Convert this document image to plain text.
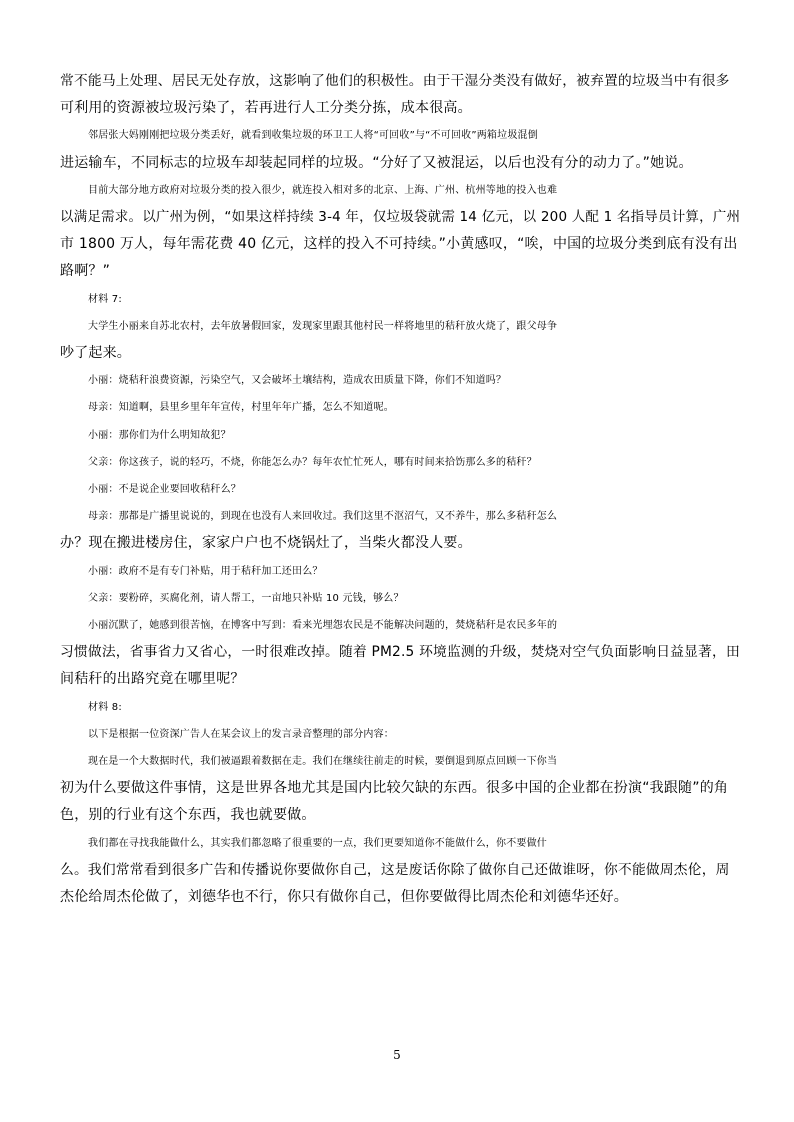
常不能马上处理、居民无处存放，这影响了他们的积极性。由于干湿分类没有做好，被弃置的垃圾当中有很多
可利用的资源被垃圾污染了，若再进行人工分类分拣，成本很高。

邻居张大妈刚刚把垃圾分类丢好，就看到收集垃圾的环卫工人将“可回收”与“不可回收”两箱垃圾混倒
进运输车，不同标志的垃圾车却装起同样的垃圾。“分好了又被混运，以后也没有分的动力了。”她说。

目前大部分地方政府对垃圾分类的投入很少，就连投入相对多的北京、上海、广州、杭州等地的投入也难
以满足需求。以广州为例，“如果这样持续 3-4 年，仅垃圾袋就需 14 亿元，以 200 人配 1 名指导员计算，广州
市 1800 万人，每年需花费 40 亿元，这样的投入不可持续。”小黄感叹，“唉，中国的垃圾分类到底有没有出
路啊？”

材料 7:

大学生小丽来自苏北农村，去年放暑假回家，发现家里跟其他村民一样将地里的秸秆放火烧了，跟父母争
吵了起来。

小丽：烧秸秆浪费资源，污染空气，又会破坏土壤结构，造成农田质量下降，你们不知道吗？

母亲：知道啊，县里乡里年年宣传，村里年年广播，怎么不知道呢。

小丽：那你们为什么明知故犯？

父亲：你这孩子，说的轻巧，不烧，你能怎么办？每年农忙忙死人，哪有时间来拾饬那么多的秸秆？

小丽：不是说企业要回收秸秆么？

母亲：那都是广播里说说的，到现在也没有人来回收过。我们这里不沤沼气，又不养牛，那么多秸秆怎么
办？现在搬进楼房住，家家户户也不烧锅灶了，当柴火都没人要。

小丽：政府不是有专门补贴，用于秸秆加工还田么？

父亲：要粉碎，买腐化剂，请人帮工，一亩地只补贴 10 元钱，够么？

小丽沉默了，她感到很苦恼，在博客中写到：看来光埋怨农民是不能解决问题的，焚烧秸秆是农民多年的
习惯做法，省事省力又省心，一时很难改掉。随着 PM2.5 环境监测的升级，焚烧对空气负面影响日益显著，田
间秸秆的出路究竟在哪里呢？

材料 8:

以下是根据一位资深广告人在某会议上的发言录音整理的部分内容：

现在是一个大数据时代，我们被逼跟着数据在走。我们在继续往前走的时候，要倒退到原点回顾一下你当
初为什么要做这件事情，这是世界各地尤其是国内比较欠缺的东西。很多中国的企业都在扮演“我跟随”的角
色，别的行业有这个东西，我也就要做。

我们都在寻找我能做什么，其实我们都忽略了很重要的一点，我们更要知道你不能做什么，你不要做什
么。我们常常看到很多广告和传播说你要做你自己，这是废话你除了做你自己还做谁呀，你不能做周杰伦，周
杰伦给周杰伦做了，刘德华也不行，你只有做你自己，但你要做得比周杰伦和刘德华还好。

5
